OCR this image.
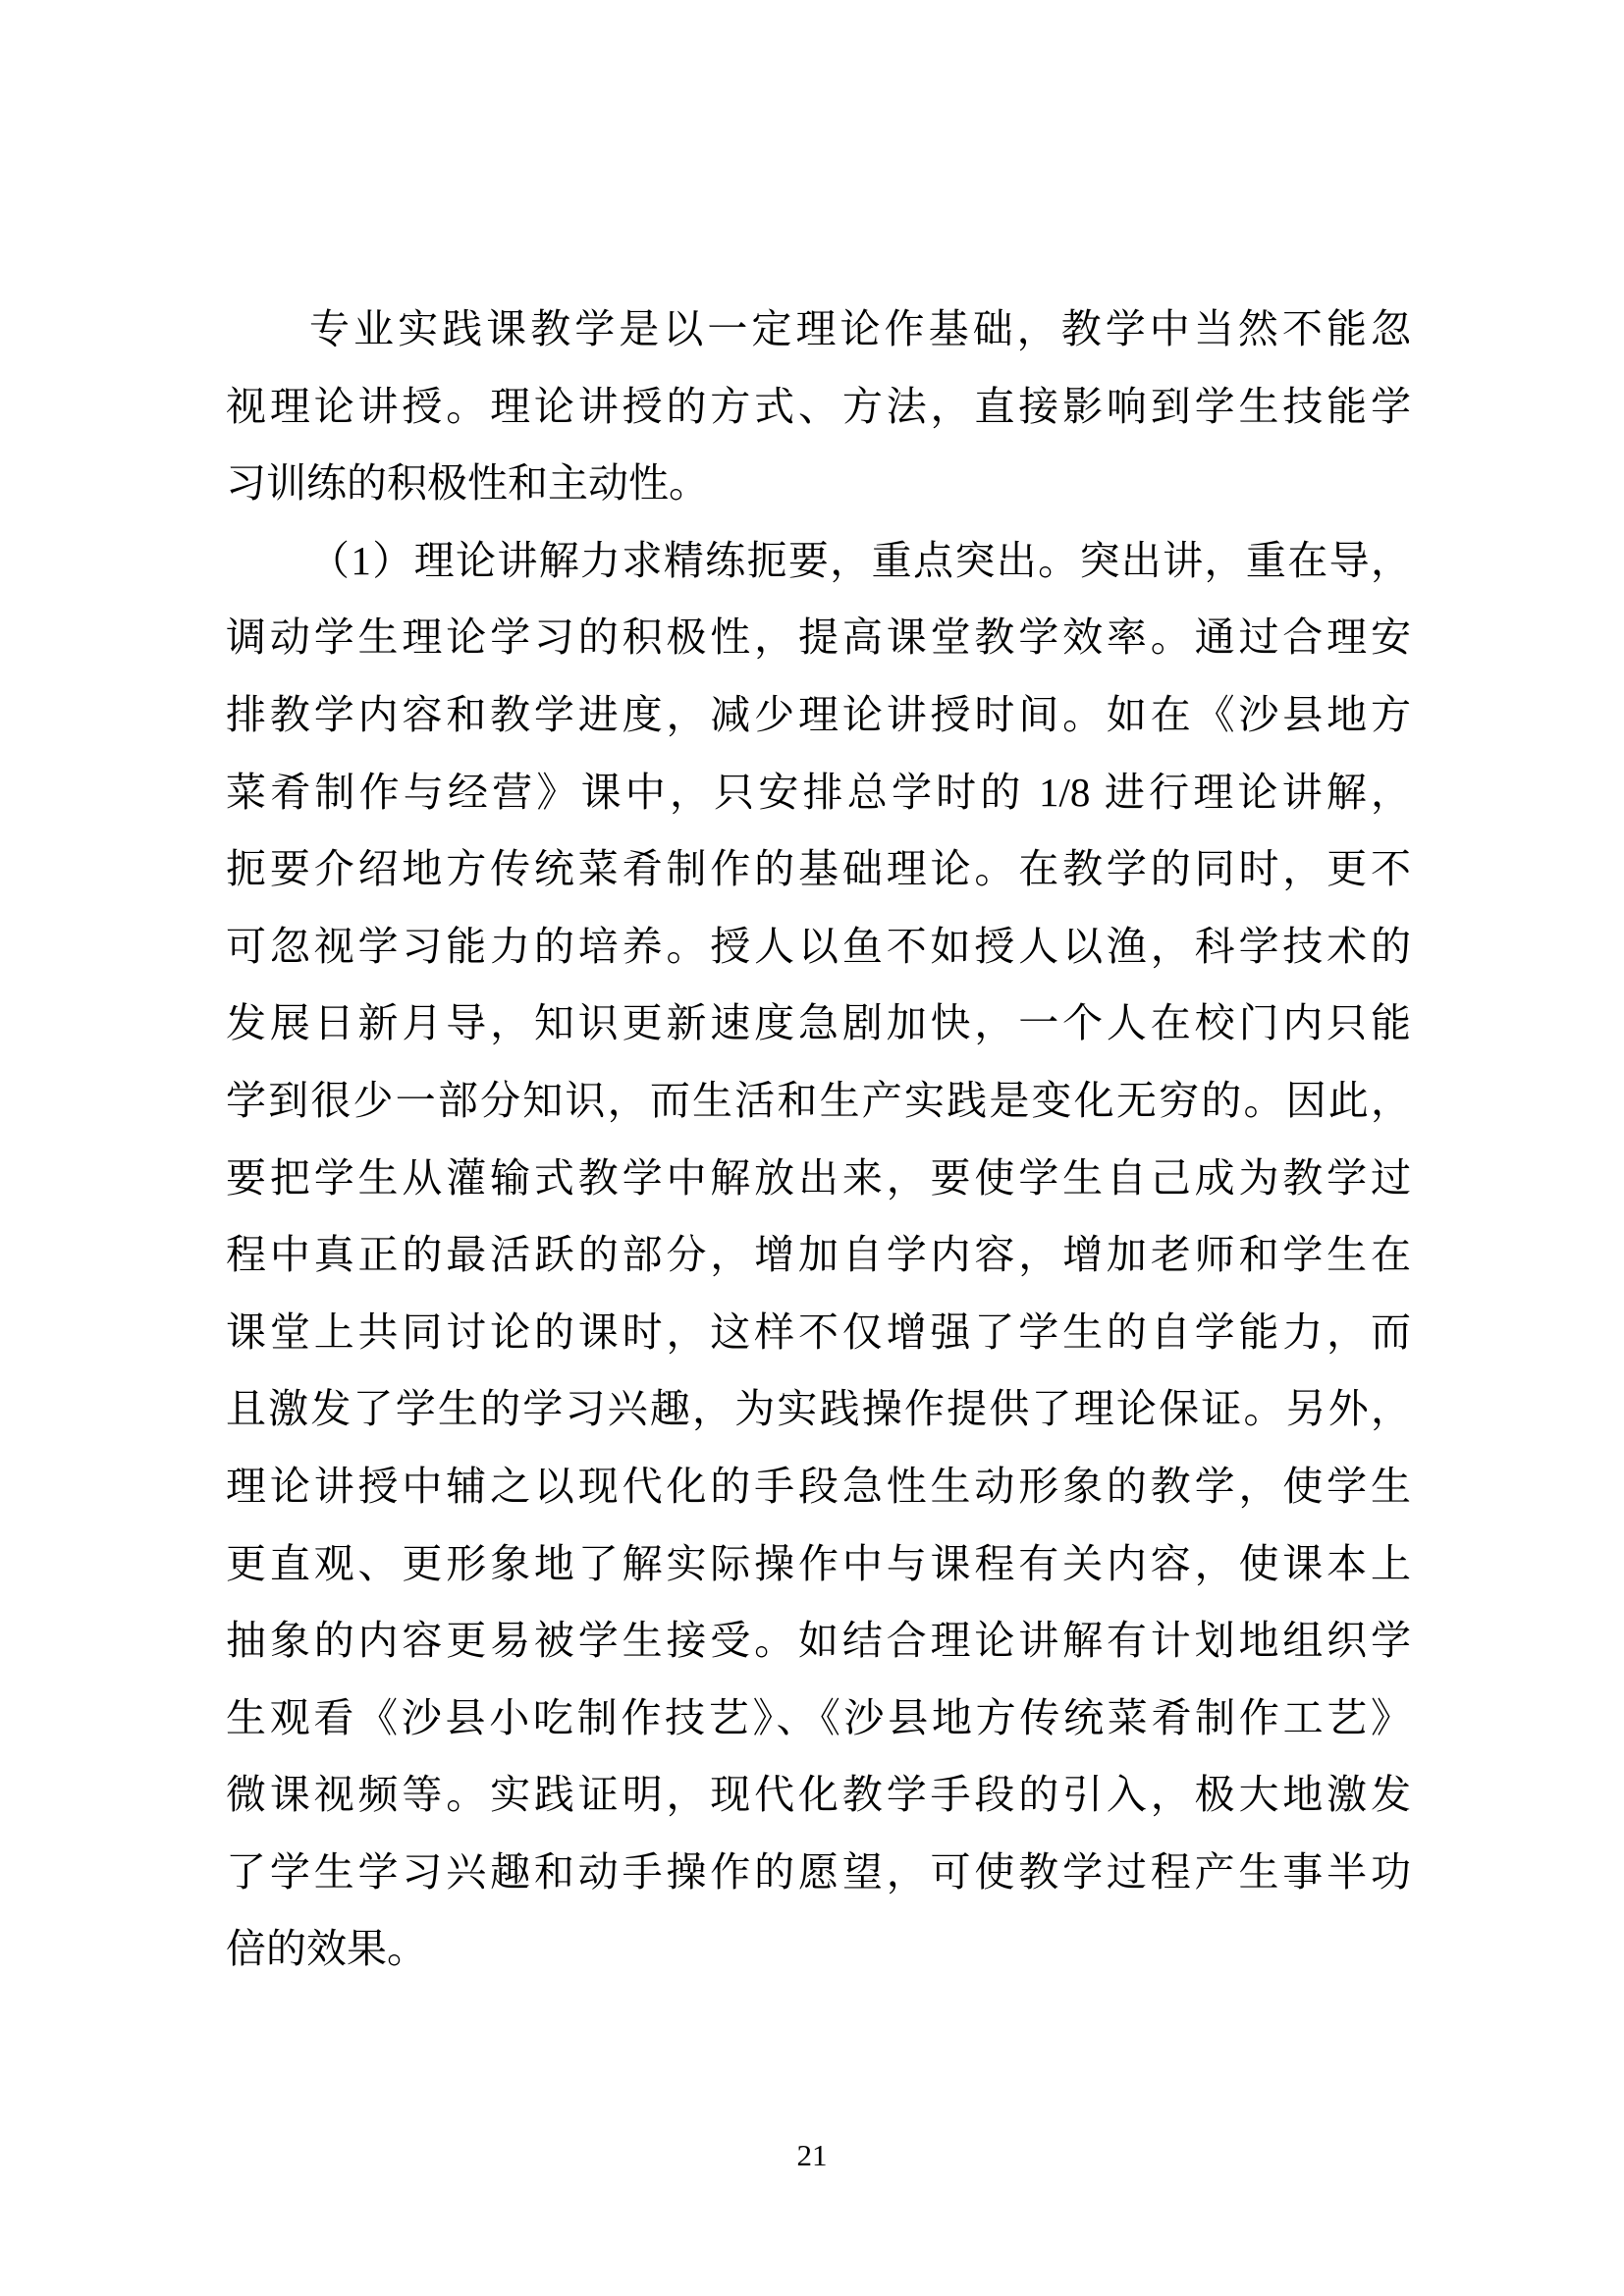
专业实践课教学是以一定理论作基础，教学中当然不能忽
视理论讲授。理论讲授的方式、方法，直接影响到学生技能学
习训练的积极性和主动性。
（1）理论讲解力求精练扼要，重点突出。突出讲，重在导，
调动学生理论学习的积极性，提高课堂教学效率。通过合理安
排教学内容和教学进度，减少理论讲授时间。如在《沙县地方
菜肴制作与经营》课中，只安排总学时的 1/8 进行理论讲解，
扼要介绍地方传统菜肴制作的基础理论。在教学的同时，更不
可忽视学习能力的培养。授人以鱼不如授人以渔，科学技术的
发展日新月导，知识更新速度急剧加快，一个人在校门内只能
学到很少一部分知识，而生活和生产实践是变化无穷的。因此，
要把学生从灌输式教学中解放出来，要使学生自己成为教学过
程中真正的最活跃的部分，增加自学内容，增加老师和学生在
课堂上共同讨论的课时，这样不仅增强了学生的自学能力，而
且激发了学生的学习兴趣，为实践操作提供了理论保证。另外，
理论讲授中辅之以现代化的手段急性生动形象的教学，使学生
更直观、更形象地了解实际操作中与课程有关内容，使课本上
抽象的内容更易被学生接受。如结合理论讲解有计划地组织学
生观看《沙县小吃制作技艺》、《沙县地方传统菜肴制作工艺》
微课视频等。实践证明，现代化教学手段的引入，极大地激发
了学生学习兴趣和动手操作的愿望，可使教学过程产生事半功
倍的效果。
21
